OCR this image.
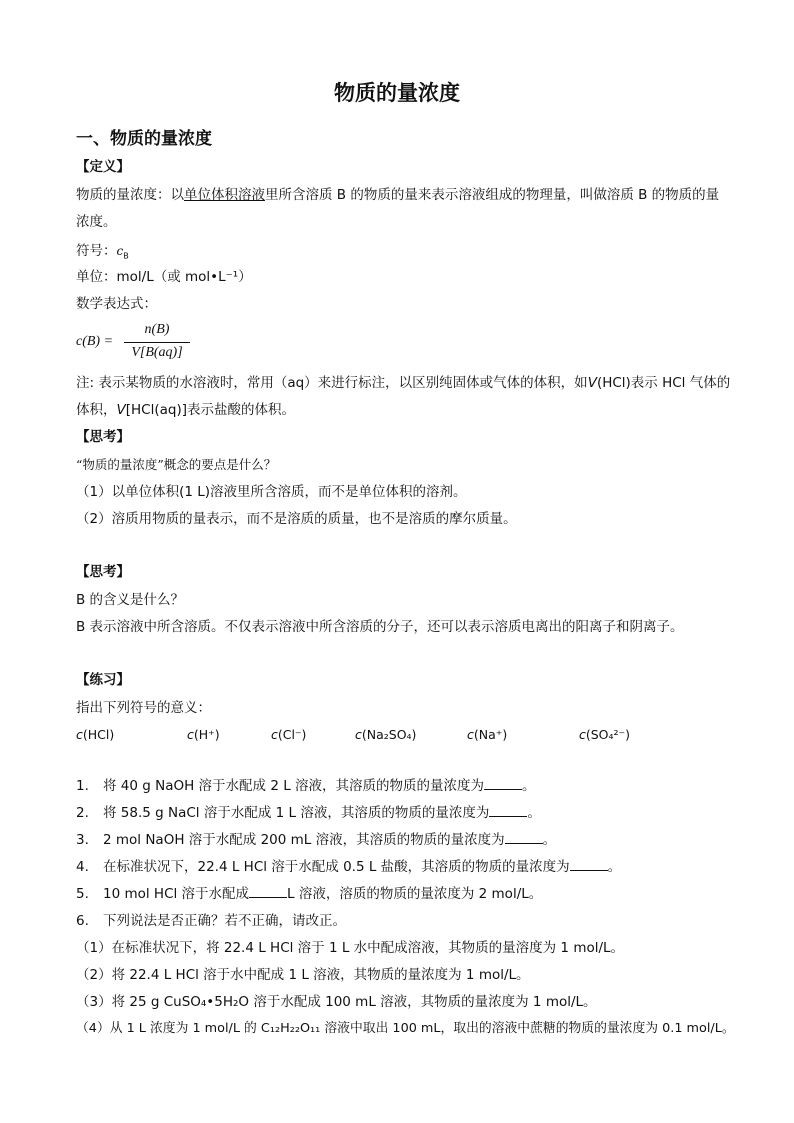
物质的量浓度
一、物质的量浓度
【定义】
物质的量浓度：以单位体积溶液里所含溶质 B 的物质的量来表示溶液组成的物理量，叫做溶质 B 的物质的量
浓度。
符号：$c_B$
单位：mol/L（或 mol•L⁻¹）
数学表达式：
c(B) =
n(B)
V[B(aq)]
注: 表示某物质的水溶液时，常用（aq）来进行标注，以区别纯固体或气体的体积，如V(HCl)表示 HCl 气体的
体积，V[HCl(aq)]表示盐酸的体积。
【思考】
“物质的量浓度”概念的要点是什么？
（1）以单位体积(1 L)溶液里所含溶质，而不是单位体积的溶剂。
（2）溶质用物质的量表示，而不是溶质的质量，也不是溶质的摩尔质量。
【思考】
B 的含义是什么？
B 表示溶液中所含溶质。不仅表示溶液中所含溶质的分子，还可以表示溶质电离出的阳离子和阴离子。
【练习】
指出下列符号的意义：
c(HCl)	c(H⁺)	c(Cl⁻)	c(Na₂SO₄)	c(Na⁺)	c(SO₄²⁻)
1. 将 40 g NaOH 溶于水配成 2 L 溶液，其溶质的物质的量浓度为	。
2. 将 58.5 g NaCl 溶于水配成 1 L 溶液，其溶质的物质的量浓度为	。
3. 2 mol NaOH 溶于水配成 200 mL 溶液，其溶质的物质的量浓度为	。
4. 在标准状况下，22.4 L HCl 溶于水配成 0.5 L 盐酸，其溶质的物质的量浓度为	。
5. 10 mol HCl 溶于水配成	L 溶液，溶质的物质的量浓度为 2 mol/L。
6. 下列说法是否正确？若不正确，请改正。
（1）在标准状况下，将 22.4 L HCl 溶于 1 L 水中配成溶液，其物质的量溶度为 1 mol/L。
（2）将 22.4 L HCl 溶于水中配成 1 L 溶液，其物质的量浓度为 1 mol/L。
（3）将 25 g CuSO₄•5H₂O 溶于水配成 100 mL 溶液，其物质的量浓度为 1 mol/L。
（4）从 1 L 浓度为 1 mol/L 的 C₁₂H₂₂O₁₁ 溶液中取出 100 mL，取出的溶液中蔗糖的物质的量浓度为 0.1 mol/L。
